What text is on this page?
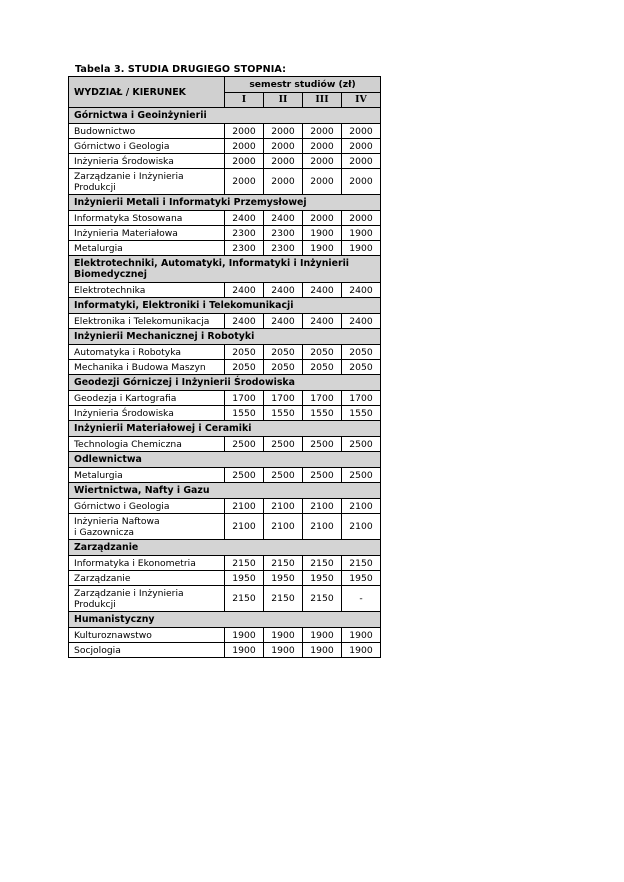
Tabela 3. STUDIA DRUGIEGO STOPNIA:
WYDZIAŁ / KIERUNEK	semestr studiów (zł)			
	I	II	III	IV
Górnictwa i Geoinżynierii				
Budownictwo	2000	2000	2000	2000
Górnictwo i Geologia	2000	2000	2000	2000
Inżynieria Środowiska	2000	2000	2000	2000
Zarządzanie i Inżynieria
Produkcji	2000	2000	2000	2000
Inżynierii Metali i Informatyki Przemysłowej				
Informatyka Stosowana	2400	2400	2000	2000
Inżynieria Materiałowa	2300	2300	1900	1900
Metalurgia	2300	2300	1900	1900
Elektrotechniki, Automatyki, Informatyki i Inżynierii
Biomedycznej				
Elektrotechnika	2400	2400	2400	2400
Informatyki, Elektroniki i Telekomunikacji				
Elektronika i Telekomunikacja	2400	2400	2400	2400
Inżynierii Mechanicznej i Robotyki				
Automatyka i Robotyka	2050	2050	2050	2050
Mechanika i Budowa Maszyn	2050	2050	2050	2050
Geodezji Górniczej i Inżynierii Środowiska				
Geodezja i Kartografia	1700	1700	1700	1700
Inżynieria Środowiska	1550	1550	1550	1550
Inżynierii Materiałowej i Ceramiki				
Technologia Chemiczna	2500	2500	2500	2500
Odlewnictwa				
Metalurgia	2500	2500	2500	2500
Wiertnictwa, Nafty i Gazu				
Górnictwo i Geologia	2100	2100	2100	2100
Inżynieria Naftowa
i Gazownicza	2100	2100	2100	2100
Zarządzanie				
Informatyka i Ekonometria	2150	2150	2150	2150
Zarządzanie	1950	1950	1950	1950
Zarządzanie i Inżynieria
Produkcji	2150	2150	2150	-
Humanistyczny				
Kulturoznawstwo	1900	1900	1900	1900
Socjologia	1900	1900	1900	1900
